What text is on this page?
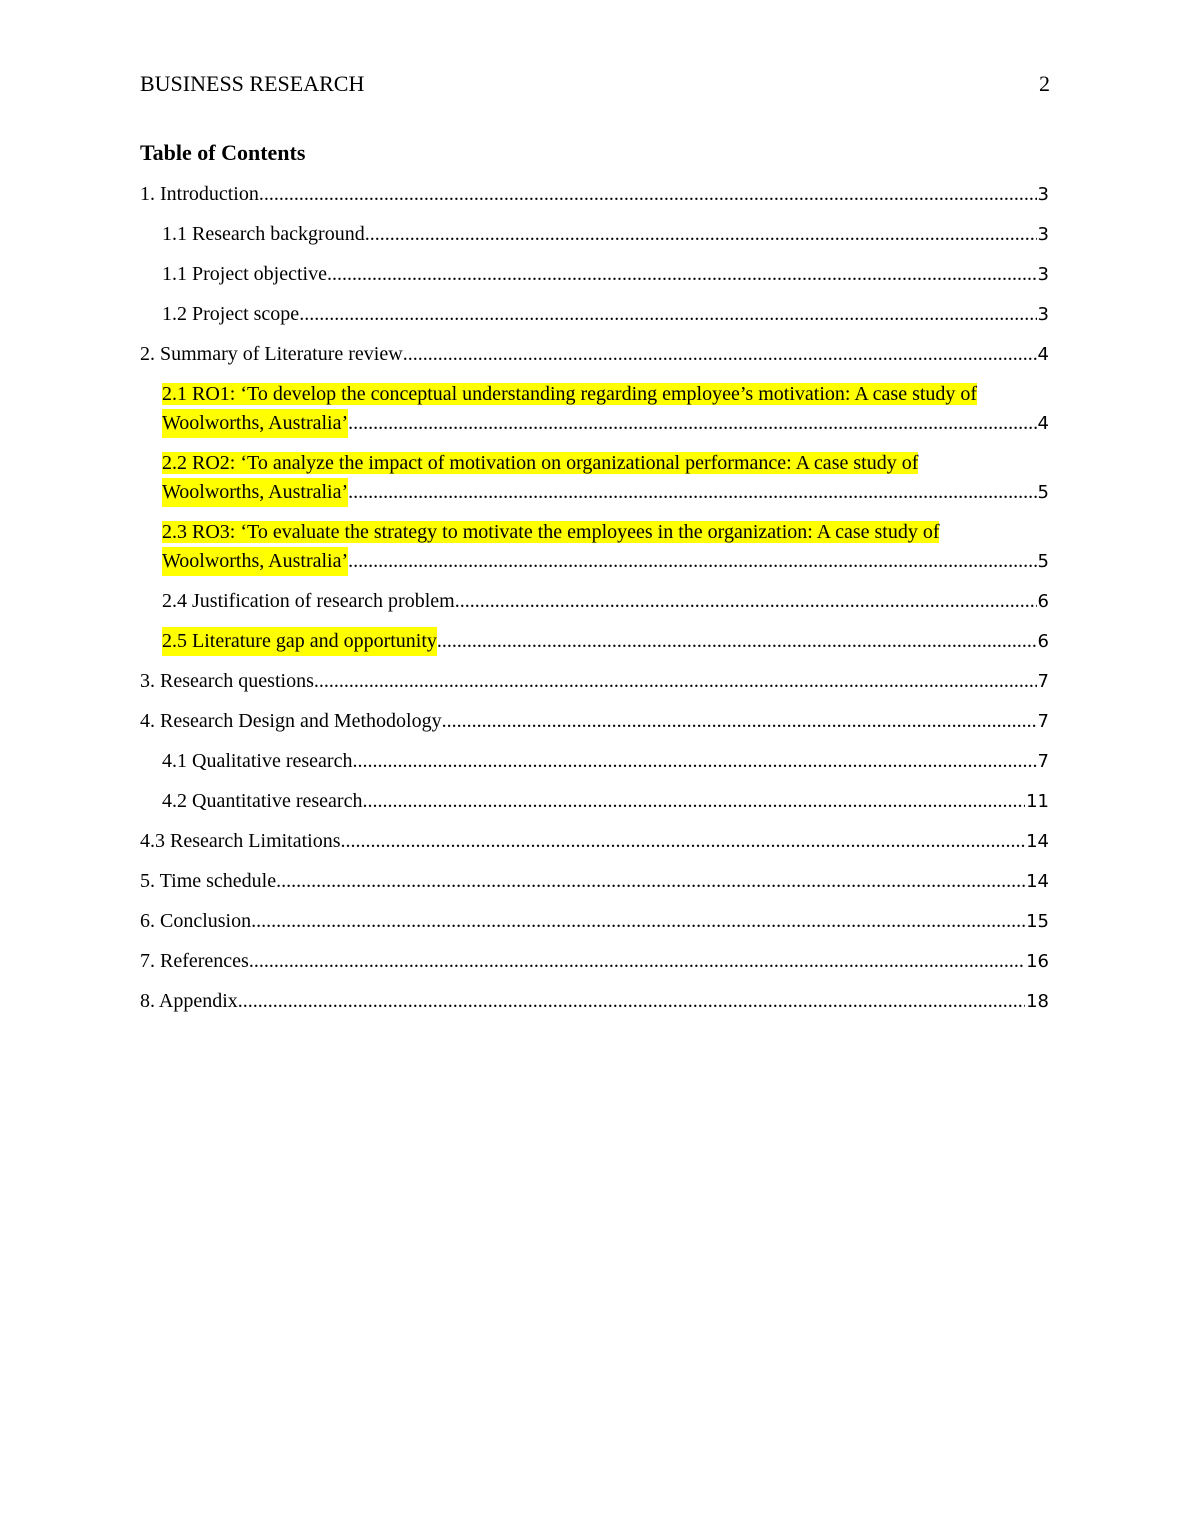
BUSINESS RESEARCH	2
Table of Contents
1. Introduction .....	3
1.1 Research background .....	3
1.1 Project objective .....	3
1.2 Project scope .....	3
2. Summary of Literature review .....	4
2.1 RO1: ‘To develop the conceptual understanding regarding employee’s motivation: A case study of
Woolworths, Australia’ .....	4
2.2 RO2: ‘To analyze the impact of motivation on organizational performance: A case study of
Woolworths, Australia’ .....	5
2.3 RO3: ‘To evaluate the strategy to motivate the employees in the organization: A case study of
Woolworths, Australia’ .....	5
2.4 Justification of research problem .....	6
2.5 Literature gap and opportunity .....	6
3. Research questions .....	7
4. Research Design and Methodology .....	7
4.1 Qualitative research .....	7
4.2 Quantitative research .....	11
4.3 Research Limitations .....	14
5. Time schedule .....	14
6. Conclusion .....	15
7. References .....	16
8. Appendix .....	18
